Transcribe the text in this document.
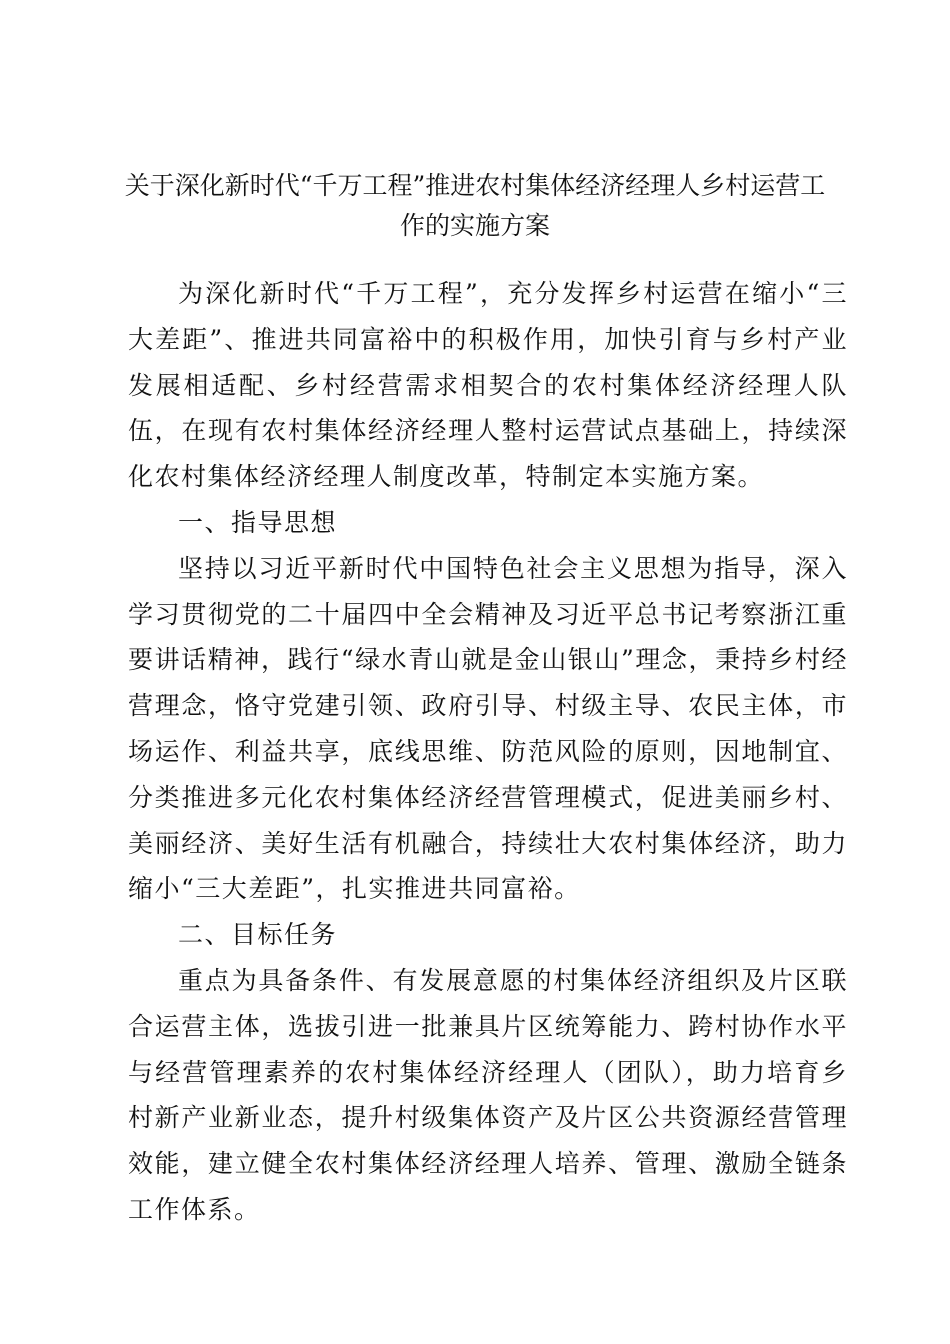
关于深化新时代“千万工程”推进农村集体经济经理人乡村运营工作的实施方案

为深化新时代“千万工程”，充分发挥乡村运营在缩小“三大差距”、推进共同富裕中的积极作用，加快引育与乡村产业发展相适配、乡村经营需求相契合的农村集体经济经理人队伍，在现有农村集体经济经理人整村运营试点基础上，持续深化农村集体经济经理人制度改革，特制定本实施方案。

一、指导思想

坚持以习近平新时代中国特色社会主义思想为指导，深入学习贯彻党的二十届四中全会精神及习近平总书记考察浙江重要讲话精神，践行“绿水青山就是金山银山”理念，秉持乡村经营理念，恪守党建引领、政府引导、村级主导、农民主体，市场运作、利益共享，底线思维、防范风险的原则，因地制宜、分类推进多元化农村集体经济经营管理模式，促进美丽乡村、美丽经济、美好生活有机融合，持续壮大农村集体经济，助力缩小“三大差距”，扎实推进共同富裕。

二、目标任务

重点为具备条件、有发展意愿的村集体经济组织及片区联合运营主体，选拔引进一批兼具片区统筹能力、跨村协作水平与经营管理素养的农村集体经济经理人（团队），助力培育乡村新产业新业态，提升村级集体资产及片区公共资源经营管理效能，建立健全农村集体经济经理人培养、管理、激励全链条工作体系。
